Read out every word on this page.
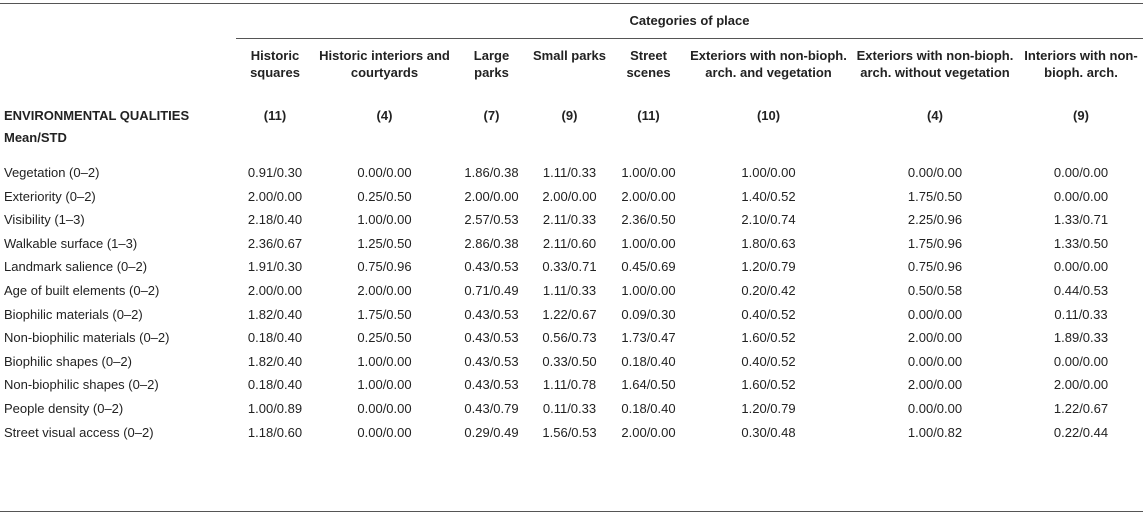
	Categories of place							
	Historic squares	Historic interiors and courtyards	Large parks	Small parks	Street scenes	Exteriors with non-bioph. arch. and vegetation	Exteriors with non-bioph. arch. without vegetation	Interiors with non-bioph. arch.
ENVIRONMENTAL QUALITIES	(11)	(4)	(7)	(9)	(11)	(10)	(4)	(9)
Mean/STD								
Vegetation (0–2)	0.91/0.30	0.00/0.00	1.86/0.38	1.11/0.33	1.00/0.00	1.00/0.00	0.00/0.00	0.00/0.00
Exteriority (0–2)	2.00/0.00	0.25/0.50	2.00/0.00	2.00/0.00	2.00/0.00	1.40/0.52	1.75/0.50	0.00/0.00
Visibility (1–3)	2.18/0.40	1.00/0.00	2.57/0.53	2.11/0.33	2.36/0.50	2.10/0.74	2.25/0.96	1.33/0.71
Walkable surface (1–3)	2.36/0.67	1.25/0.50	2.86/0.38	2.11/0.60	1.00/0.00	1.80/0.63	1.75/0.96	1.33/0.50
Landmark salience (0–2)	1.91/0.30	0.75/0.96	0.43/0.53	0.33/0.71	0.45/0.69	1.20/0.79	0.75/0.96	0.00/0.00
Age of built elements (0–2)	2.00/0.00	2.00/0.00	0.71/0.49	1.11/0.33	1.00/0.00	0.20/0.42	0.50/0.58	0.44/0.53
Biophilic materials (0–2)	1.82/0.40	1.75/0.50	0.43/0.53	1.22/0.67	0.09/0.30	0.40/0.52	0.00/0.00	0.11/0.33
Non-biophilic materials (0–2)	0.18/0.40	0.25/0.50	0.43/0.53	0.56/0.73	1.73/0.47	1.60/0.52	2.00/0.00	1.89/0.33
Biophilic shapes (0–2)	1.82/0.40	1.00/0.00	0.43/0.53	0.33/0.50	0.18/0.40	0.40/0.52	0.00/0.00	0.00/0.00
Non-biophilic shapes (0–2)	0.18/0.40	1.00/0.00	0.43/0.53	1.11/0.78	1.64/0.50	1.60/0.52	2.00/0.00	2.00/0.00
People density (0–2)	1.00/0.89	0.00/0.00	0.43/0.79	0.11/0.33	0.18/0.40	1.20/0.79	0.00/0.00	1.22/0.67
Street visual access (0–2)	1.18/0.60	0.00/0.00	0.29/0.49	1.56/0.53	2.00/0.00	0.30/0.48	1.00/0.82	0.22/0.44
